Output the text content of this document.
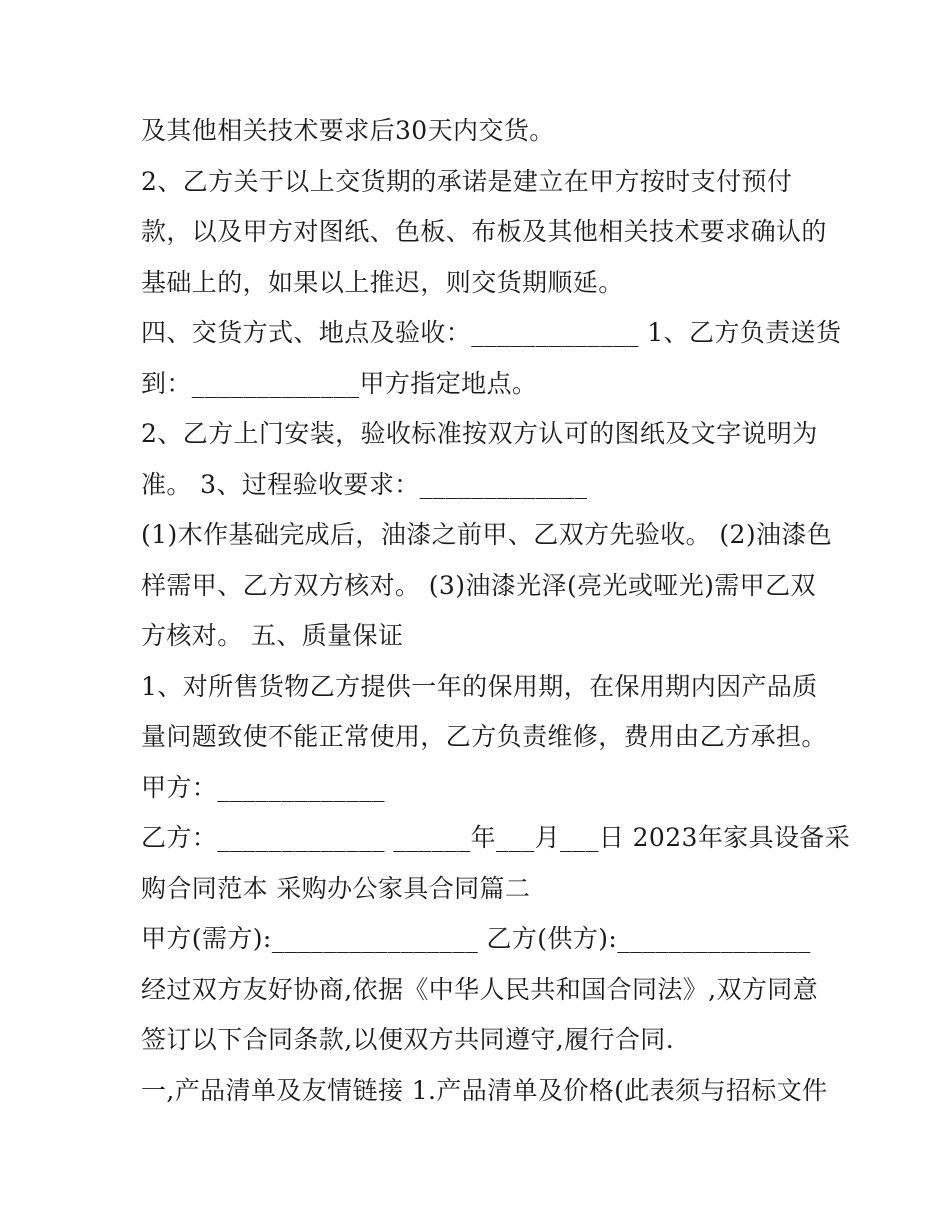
及其他相关技术要求后30天内交货。
2、乙方关于以上交货期的承诺是建立在甲方按时支付预付
款，以及甲方对图纸、色板、布板及其他相关技术要求确认的
基础上的，如果以上推迟，则交货期顺延。
四、交货方式、地点及验收：_____________ 1、乙方负责送货
到：_____________甲方指定地点。
2、乙方上门安装，验收标准按双方认可的图纸及文字说明为
准。 3、过程验收要求：_____________
(1)木作基础完成后，油漆之前甲、乙双方先验收。 (2)油漆色
样需甲、乙方双方核对。 (3)油漆光泽(亮光或哑光)需甲乙双
方核对。 五、质量保证
1、对所售货物乙方提供一年的保用期，在保用期内因产品质
量问题致使不能正常使用，乙方负责维修，费用由乙方承担。
甲方：_____________
乙方：_____________ ______年___月___日 2023年家具设备采
购合同范本 采购办公家具合同篇二
甲方(需方):________________ 乙方(供方):_______________
经过双方友好协商,依据《中华人民共和国合同法》,双方同意
签订以下合同条款,以便双方共同遵守,履行合同.
一,产品清单及友情链接 1.产品清单及价格(此表须与招标文件
